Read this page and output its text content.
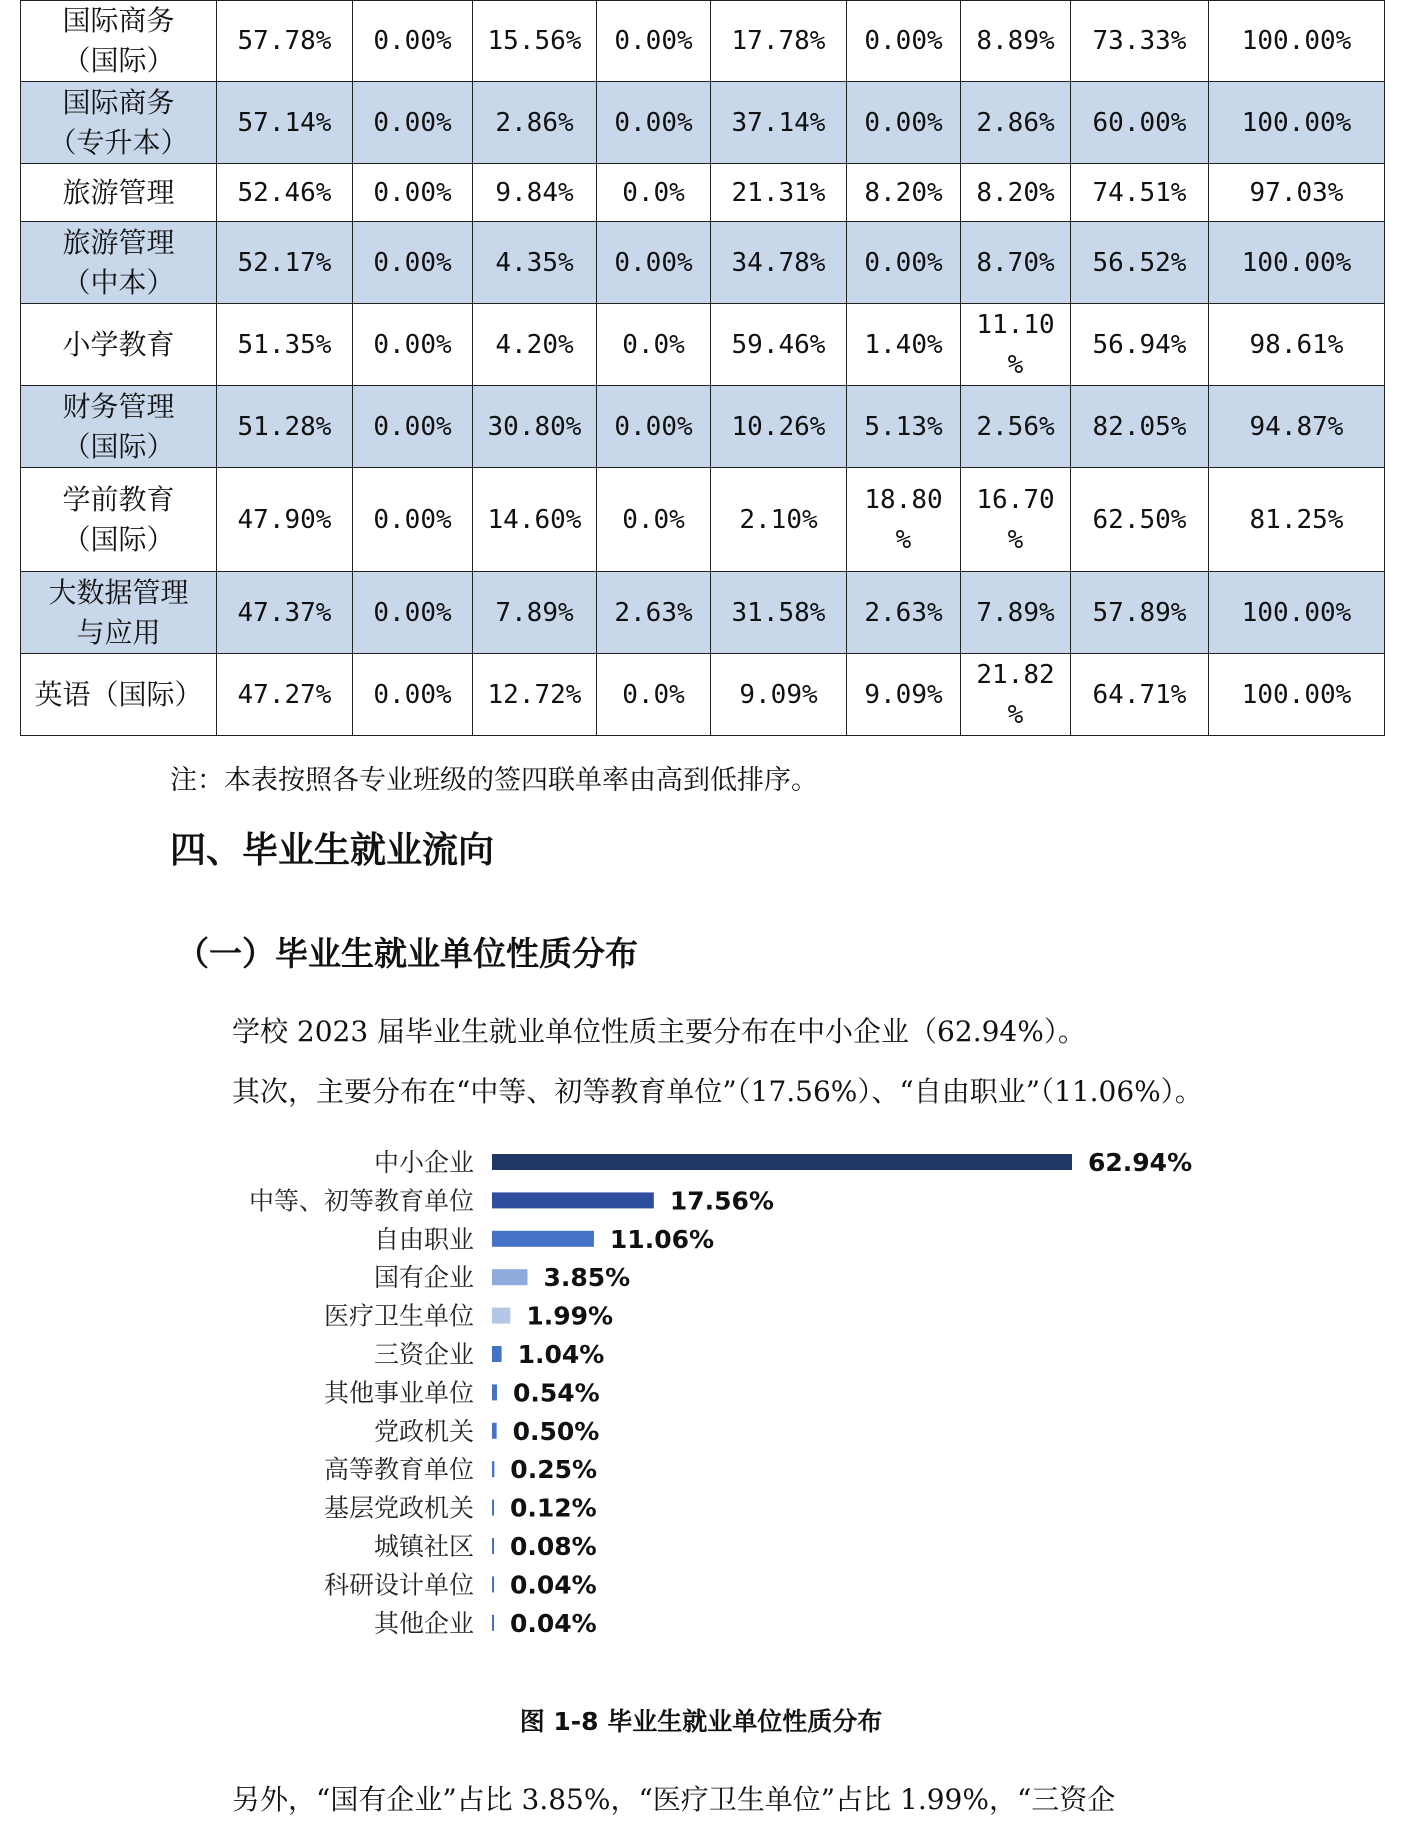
国际商务
（国际）	57.78%	0.00%	15.56%	0.00%	17.78%	0.00%	8.89%	73.33%	100.00%

国际商务
（专升本）	57.14%	0.00%	2.86%	0.00%	37.14%	0.00%	2.86%	60.00%	100.00%

旅游管理	52.46%	0.00%	9.84%	0.0%	21.31%	8.20%	8.20%	74.51%	97.03%

旅游管理
（中本）	52.17%	0.00%	4.35%	0.00%	34.78%	0.00%	8.70%	56.52%	100.00%

小学教育	51.35%	0.00%	4.20%	0.0%	59.46%	1.40%	11.10 %	56.94%	98.61%

财务管理
（国际）	51.28%	0.00%	30.80%	0.00%	10.26%	5.13%	2.56%	82.05%	94.87%

学前教育
（国际）	47.90%	0.00%	14.60%	0.0%	2.10%	18.80 %	16.70 %	62.50%	81.25%

大数据管理
与应用	47.37%	0.00%	7.89%	2.63%	31.58%	2.63%	7.89%	57.89%	100.00%

英语（国际）	47.27%	0.00%	12.72%	0.0%	9.09%	9.09%	21.82 %	64.71%	100.00%
注：本表按照各专业班级的签四联单率由高到低排序。
四、毕业生就业流向
（一）毕业生就业单位性质分布
学校 2023 届毕业生就业单位性质主要分布在中小企业（62.94%）。
其次，主要分布在“中等、初等教育单位”（17.56%）、“自由职业”（11.06%）。
中小企业	62.94%
中等、初等教育单位	17.56%
自由职业	11.06%
国有企业	3.85%
医疗卫生单位 1.99%
三资企业 1.04%
其他事业单位 0.54%
党政机关 0.50%
高等教育单位 0.25%
基层党政机关 0.12%
城镇社区 0.08%
科研设计单位 0.04%
其他企业 0.04%
图 1-8 毕业生就业单位性质分布
另外，“国有企业”占比 3.85%，“医疗卫生单位”占比 1.99%，“三资企
